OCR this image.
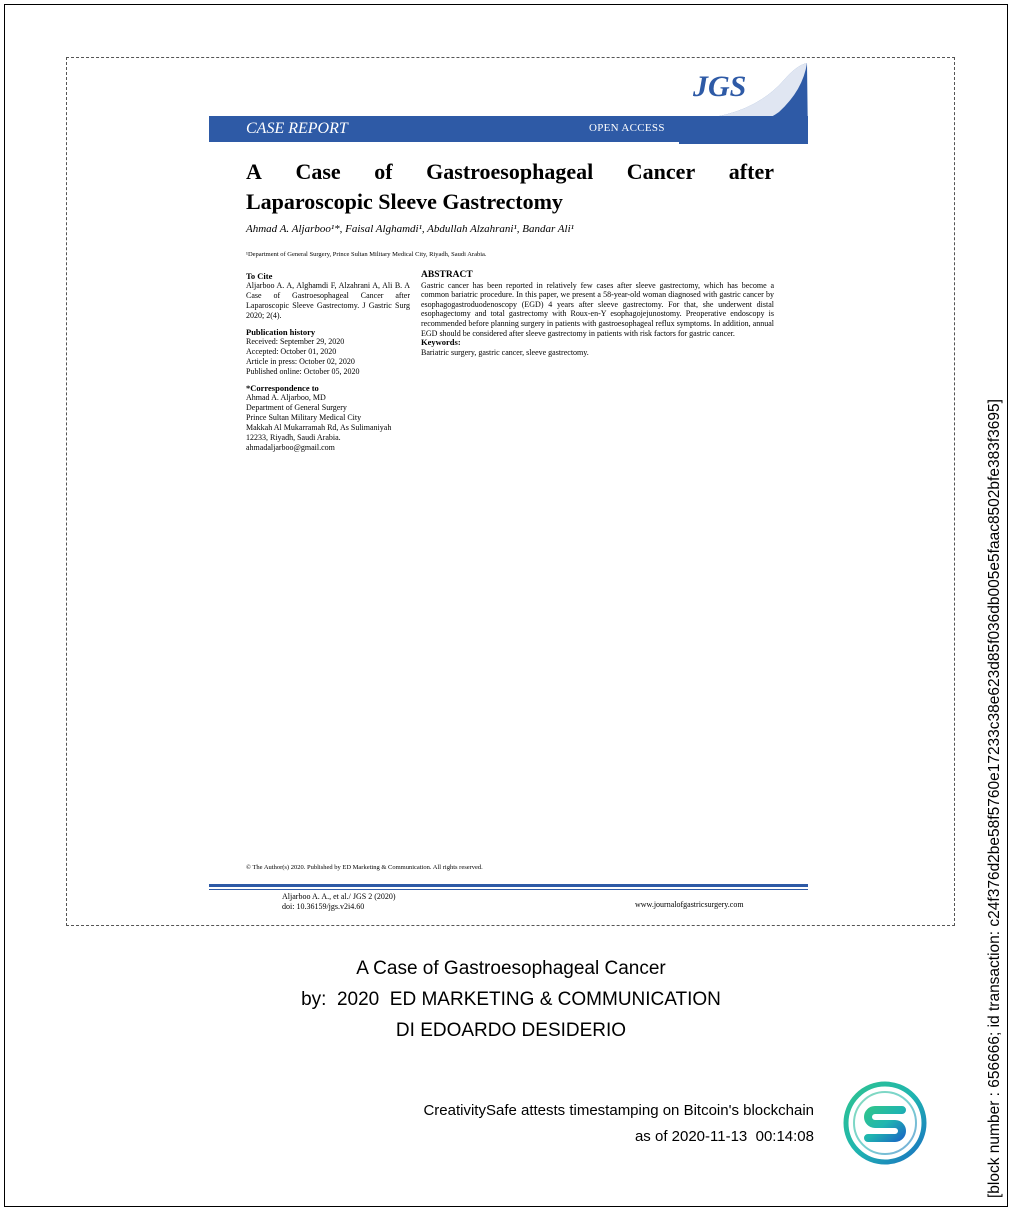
JGS
CASE REPORT	OPEN ACCESS
A Case of Gastroesophageal Cancer after
Laparoscopic Sleeve Gastrectomy
Ahmad A. Aljarboo¹*, Faisal Alghamdi¹, Abdullah Alzahrani¹, Bandar Ali¹
¹Department of General Surgery, Prince Sultan Military Medical City, Riyadh, Saudi Arabia.
To Cite

Aljarboo A. A, Alghamdi F, Alzahrani A, Ali B. A Case of Gastroesophageal Cancer after Laparoscopic Sleeve Gastrectomy. J Gastric Surg 2020; 2(4).

Publication history

Received: September 29, 2020

Accepted: October 01, 2020

Article in press: October 02, 2020

Published online: October 05, 2020

*Correspondence to

Ahmad A. Aljarboo, MD

Department of General Surgery

Prince Sultan Military Medical City

Makkah Al Mukarramah Rd, As Sulimaniyah 12233, Riyadh, Saudi Arabia.

ahmadaljarboo@gmail.com

ABSTRACT

Gastric cancer has been reported in relatively few cases after sleeve gastrectomy, which has become a common bariatric procedure. In this paper, we present a 58-year-old woman diagnosed with gastric cancer by esophagogastroduodenoscopy (EGD) 4 years after sleeve gastrectomy. For that, she underwent distal esophagectomy and total gastrectomy with Roux-en-Y esophagojejunostomy. Preoperative endoscopy is recommended before planning surgery in patients with gastroesophageal reflux symptoms. In addition, annual EGD should be considered after sleeve gastrectomy in patients with risk factors for gastric cancer.

Keywords:

Bariatric surgery, gastric cancer, sleeve gastrectomy.

© The Author(s) 2020. Published by ED Marketing & Communication. All rights reserved.
Aljarboo A. A., et al./ JGS 2 (2020)
doi: 10.36159/jgs.v2i4.60	www.journalofgastricsurgery.com
A Case of Gastroesophageal Cancer
by:  2020  ED MARKETING & COMMUNICATION
DI EDOARDO DESIDERIO
CreativitySafe attests timestamping on Bitcoin's blockchain
as of 2020-11-13  00:14:08	[block number : 656666; id transaction: c24f376d2be58f5760e17233c38e623d85f036db005e5faac8502bfe383f3695]
